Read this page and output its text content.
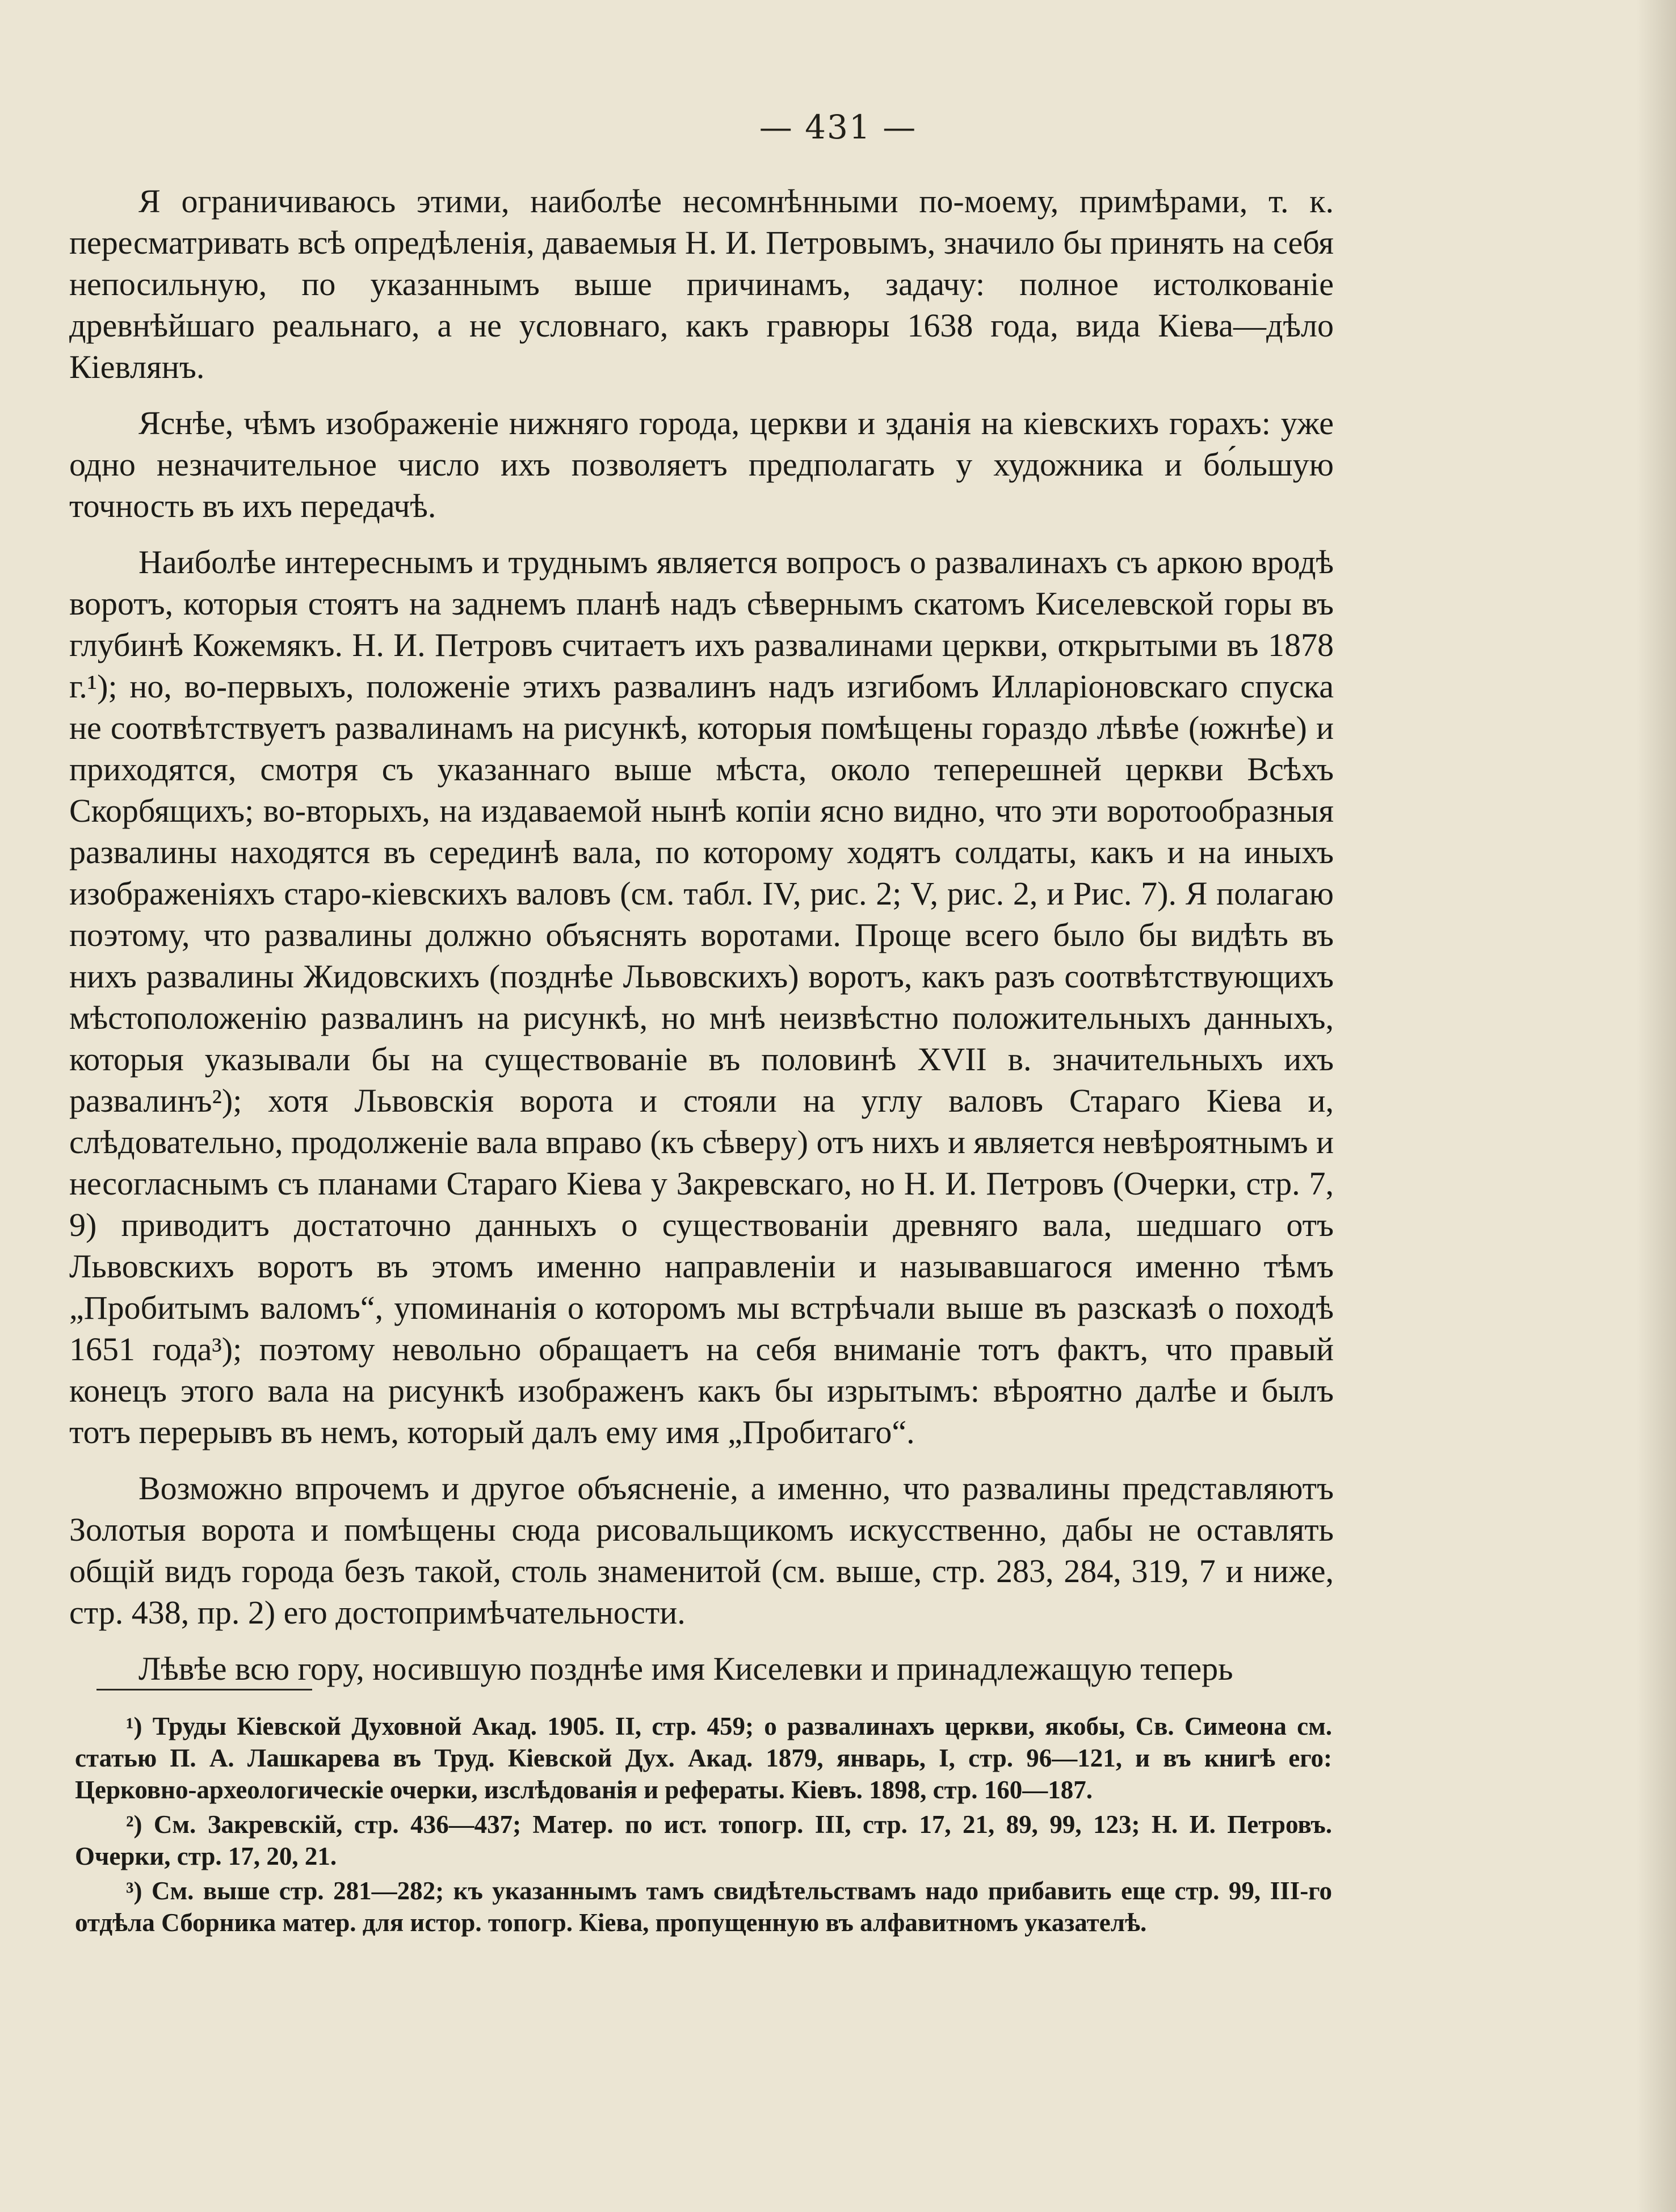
— 431 —

Я ограничиваюсь этими, наиболѣе несомнѣнными по-моему, примѣрами, т. к. пересматривать всѣ опредѣленія, даваемыя Н. И. Петровымъ, значило бы принять на себя непосильную, по указаннымъ выше причинамъ, задачу: полное истолкованіе древнѣйшаго реальнаго, а не условнаго, какъ гравюры 1638 года, вида Кіева—дѣло Кіевлянъ.

Яснѣе, чѣмъ изображеніе нижняго города, церкви и зданія на кіевскихъ горахъ: уже одно незначительное число ихъ позволяетъ предполагать у художника и бо́льшую точность въ ихъ передачѣ.

Наиболѣе интереснымъ и труднымъ является вопросъ о развалинахъ съ аркою вродѣ воротъ, которыя стоятъ на заднемъ планѣ надъ сѣвернымъ скатомъ Киселевской горы въ глубинѣ Кожемякъ. Н. И. Петровъ считаетъ ихъ развалинами церкви, открытыми въ 1878 г.¹); но, во-первыхъ, положеніе этихъ развалинъ надъ изгибомъ Илларіоновскаго спуска не соотвѣтствуетъ развалинамъ на рисункѣ, которыя помѣщены гораздо лѣвѣе (южнѣе) и приходятся, смотря съ указаннаго выше мѣста, около теперешней церкви Всѣхъ Скорбящихъ; во-вторыхъ, на издаваемой нынѣ копіи ясно видно, что эти воротообразныя развалины находятся въ серединѣ вала, по которому ходятъ солдаты, какъ и на иныхъ изображеніяхъ старо-кіевскихъ валовъ (см. табл. IV, рис. 2; V, рис. 2, и Рис. 7). Я полагаю поэтому, что развалины должно объяснять воротами. Проще всего было бы видѣть въ нихъ развалины Жидовскихъ (позднѣе Львовскихъ) воротъ, какъ разъ соотвѣтствующихъ мѣстоположенію развалинъ на рисункѣ, но мнѣ неизвѣстно положительныхъ данныхъ, которыя указывали бы на существованіе въ половинѣ XVII в. значительныхъ ихъ развалинъ²); хотя Львовскія ворота и стояли на углу валовъ Стараго Кіева и, слѣдовательно, продолженіе вала вправо (къ сѣверу) отъ нихъ и является невѣроятнымъ и несогласнымъ съ планами Стараго Кіева у Закревскаго, но Н. И. Петровъ (Очерки, стр. 7, 9) приводитъ достаточно данныхъ о существованіи древняго вала, шедшаго отъ Львовскихъ воротъ въ этомъ именно направленіи и называвшагося именно тѣмъ „Пробитымъ валомъ“, упоминанія о которомъ мы встрѣчали выше въ разсказѣ о походѣ 1651 года³); поэтому невольно обращаетъ на себя вниманіе тотъ фактъ, что правый конецъ этого вала на рисункѣ изображенъ какъ бы изрытымъ: вѣроятно далѣе и былъ тотъ перерывъ въ немъ, который далъ ему имя „Пробитаго“.

Возможно впрочемъ и другое объясненіе, а именно, что развалины представляютъ Золотыя ворота и помѣщены сюда рисовальщикомъ искусственно, дабы не оставлять общій видъ города безъ такой, столь знаменитой (см. выше, стр. 283, 284, 319, 7 и ниже, стр. 438, пр. 2) его достопримѣчательности.

Лѣвѣе всю гору, носившую позднѣе имя Киселевки и принадлежащую теперь

¹) Труды Кіевской Духовной Акад. 1905. II, стр. 459; о развалинахъ церкви, якобы, Св. Симеона см. статью П. А. Лашкарева въ Труд. Кіевской Дух. Акад. 1879, январь, I, стр. 96—121, и въ книгѣ его: Церковно-археологическіе очерки, изслѣдованія и рефераты. Кіевъ. 1898, стр. 160—187.

²) См. Закревскій, стр. 436—437; Матер. по ист. топогр. III, стр. 17, 21, 89, 99, 123; Н. И. Петровъ. Очерки, стр. 17, 20, 21.

³) См. выше стр. 281—282; къ указаннымъ тамъ свидѣтельствамъ надо прибавить еще стр. 99, III-го отдѣла Сборника матер. для истор. топогр. Кіева, пропущенную въ алфавитномъ указателѣ.
